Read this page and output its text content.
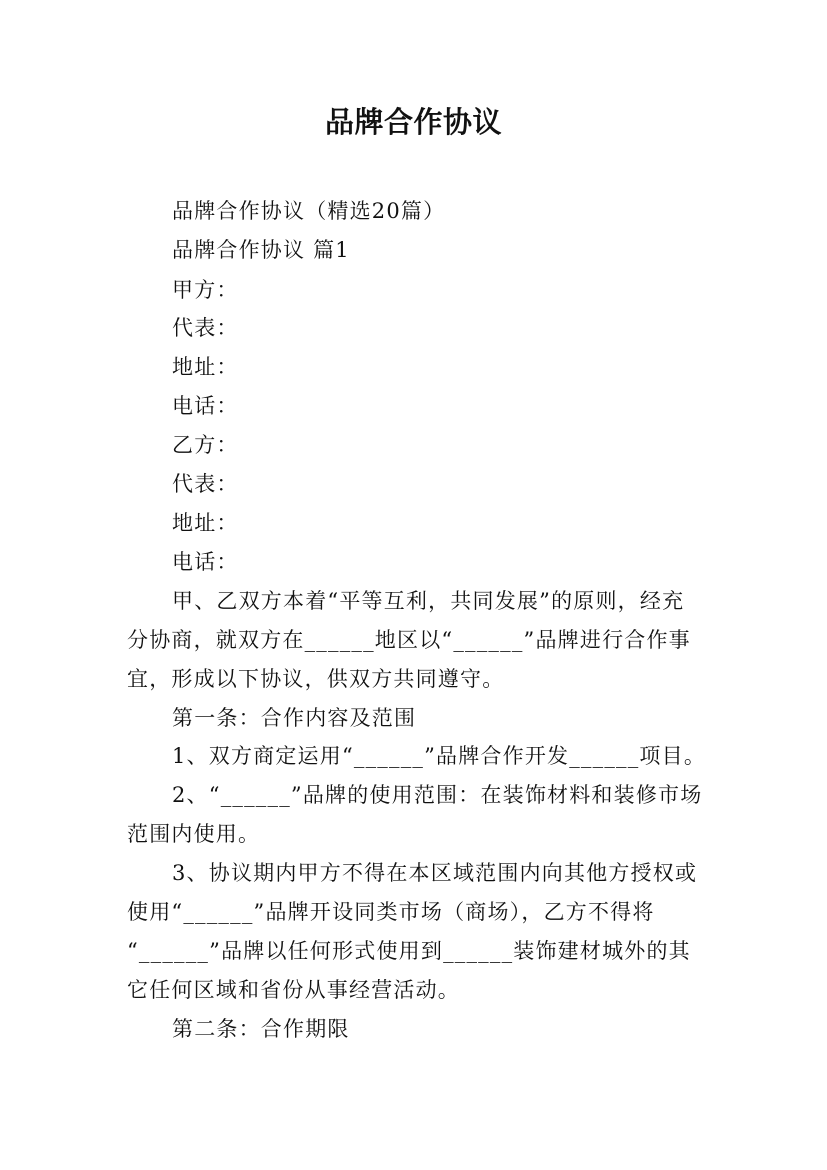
品牌合作协议
品牌合作协议（精选20篇）
品牌合作协议 篇1
甲方：
代表：
地址：
电话：
乙方：
代表：
地址：
电话：
甲、乙双方本着“平等互利，共同发展”的原则，经充
分协商，就双方在______地区以“______”品牌进行合作事
宜，形成以下协议，供双方共同遵守。
第一条：合作内容及范围
1、双方商定运用“______”品牌合作开发______项目。
2、“______”品牌的使用范围：在装饰材料和装修市场
范围内使用。
3、协议期内甲方不得在本区域范围内向其他方授权或
使用“______”品牌开设同类市场（商场），乙方不得将
“______”品牌以任何形式使用到______装饰建材城外的其
它任何区域和省份从事经营活动。
第二条：合作期限
